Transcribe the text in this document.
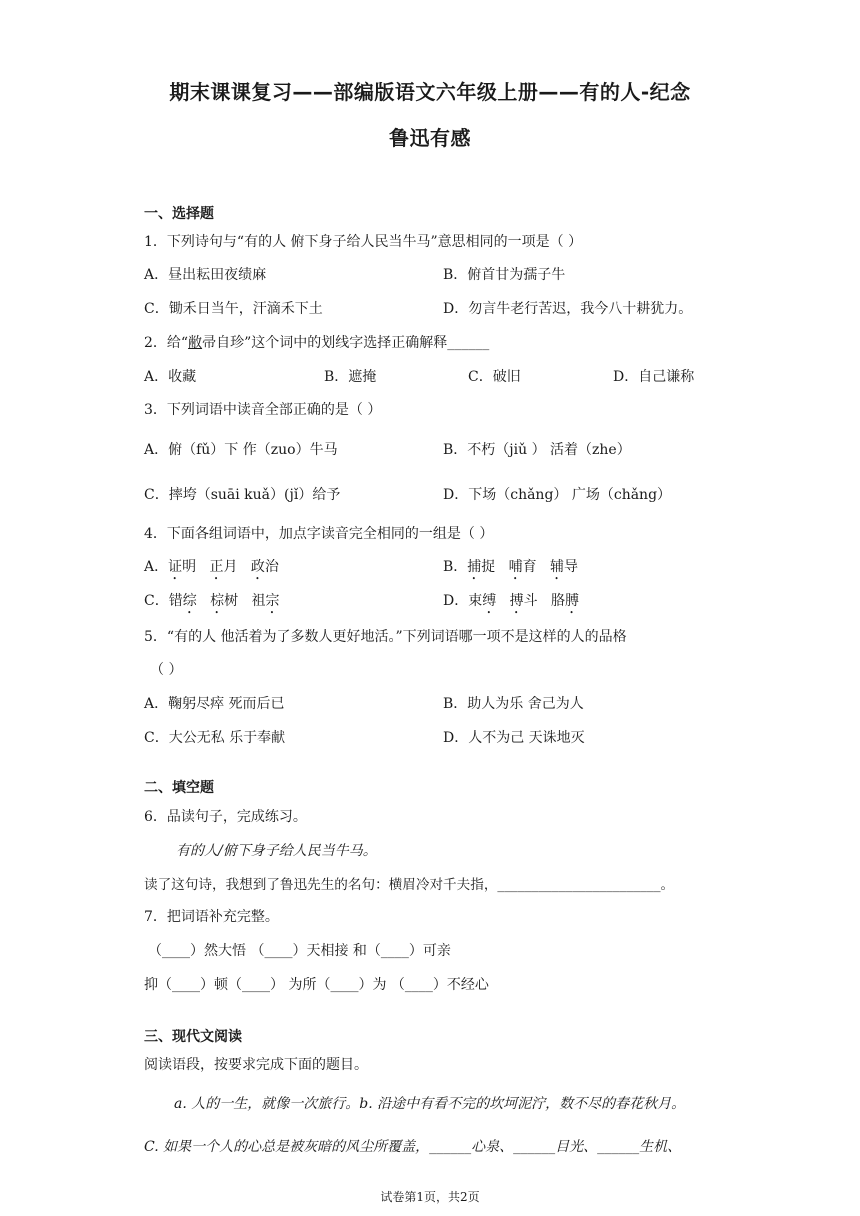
期末课课复习——部编版语文六年级上册——有的人-纪念
鲁迅有感
一、选择题
1．下列诗句与“有的人 俯下身子给人民当牛马”意思相同的一项是（ ）
A．昼出耘田夜绩麻	B．俯首甘为孺子牛
C．锄禾日当午，汗滴禾下土	D．勿言牛老行苦迟，我今八十耕犹力。
2．给“敝帚自珍”这个词中的划线字选择正确解释______
A．收藏	B．遮掩	C．破旧	D．自己谦称
3．下列词语中读音全部正确的是（ ）
A．俯（fǔ）下 作（zuo）牛马	B．不朽（jiǔ ） 活着（zhe）
C．摔垮（suāi kuǎ）(jǐ）给予	D．下场（chǎng） 广场（chǎng）
4．下面各组词语中，加点字读音完全相同的一组是（ ）
A．证明 正月 政治	B．捕捉 哺育 辅导
C．错综 棕树 祖宗	D．束缚 搏斗 胳膊
5．“有的人 他活着为了多数人更好地活。”下列词语哪一项不是这样的人的品格
（ ）
A．鞠躬尽瘁 死而后已	B．助人为乐 舍己为人
C．大公无私 乐于奉献	D．人不为己 天诛地灭
二、填空题
6．品读句子，完成练习。
有的人/俯下身子给人民当牛马。
读了这句诗，我想到了鲁迅先生的名句：横眉冷对千夫指，________________________。
7．把词语补充完整。
（____）然大悟 （____）天相接 和（____）可亲
抑（____）顿（____） 为所（____）为 （____）不经心
三、现代文阅读
阅读语段，按要求完成下面的题目。
a. 人的一生，就像一次旅行。b. 沿途中有看不完的坎坷泥泞，数不尽的春花秋月。
C. 如果一个人的心总是被灰暗的风尘所覆盖，______心泉、______目光、______生机、
试卷第1页，共2页
